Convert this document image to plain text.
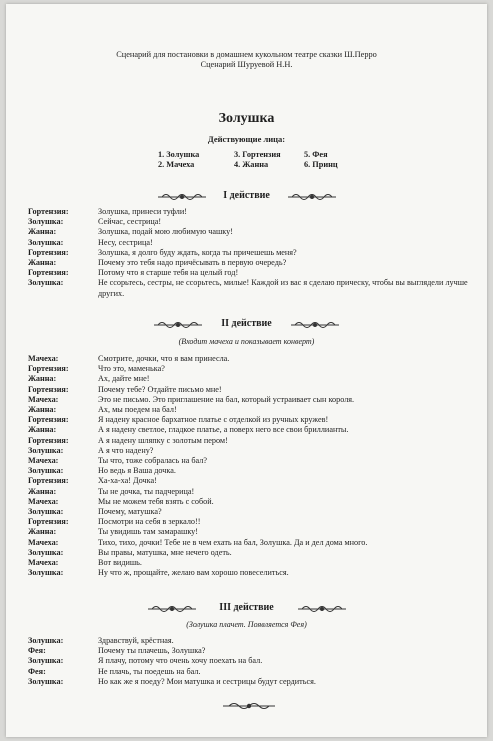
Сценарий для постановки в домашнем кукольном театре сказки Ш.Перро
Сценарий Шуруевой Н.Н.
Золушка
Действующие лица:
1. Золушка
2. Мачеха
3. Гортензия
4. Жанна
5. Фея
6. Принц
I действие
Гортензия:	Золушка, принеси туфли!
Золушка:	Сейчас, сестрица!
Жанна:	Золушка, подай мою любимую чашку!
Золушка:	Несу, сестрица!
Гортензия:	Золушка, я долго буду ждать, когда ты причешешь меня?
Жанна:	Почему это тебя надо причёсывать в первую очередь?
Гортензия:	Потому что я старше тебя на целый год!
Золушка:	Не ссорьтесь, сестры, не ссорьтесь, милые! Каждой из вас я сделаю прическу, чтобы вы выглядели лучше других.
II действие
(Входит мачеха и показывает конверт)
Мачеха:	Смотрите, дочки, что я вам принесла.
Гортензия:	Что это, маменька?
Жанна:	Ах, дайте мне!
Гортензия:	Почему тебе? Отдайте письмо мне!
Мачеха:	Это не письмо. Это приглашение на бал, который устраивает сын короля.
Жанна:	Ах, мы поедем на бал!
Гортензия:	Я надену красное бархатное платье с отделкой из ручных кружев!
Жанна:	А я надену светлое, гладкое платье, а поверх него все свои бриллианты.
Гортензия:	А я надену шляпку с золотым пером!
Золушка:	А я что надену?
Мачеха:	Ты что, тоже собралась на бал?
Золушка:	Но ведь я Ваша дочка.
Гортензия:	Ха-ха-ха! Дочка!
Жанна:	Ты не дочка, ты падчерица!
Мачеха:	Мы не можем тебя взять с собой.
Золушка:	Почему, матушка?
Гортензия:	Посмотри на себя в зеркало!!
Жанна:	Ты увидишь там замарашку!
Мачеха:	Тихо, тихо, дочки! Тебе не в чем ехать на бал, Золушка. Да и дел дома много.
Золушка:	Вы правы, матушка, мне нечего одеть.
Мачеха:	Вот видишь.
Золушка:	Ну что ж, прощайте, желаю вам хорошо повеселиться.
III действие
(Золушка плачет. Появляется Фея)
Золушка:	Здравствуй, крёстная.
Фея:	Почему ты плачешь, Золушка?
Золушка:	Я плачу, потому что очень хочу поехать на бал.
Фея:	Не плачь, ты поедешь на бал.
Золушка:	Но как же я поеду? Мои матушка и сестрицы будут сердиться.
